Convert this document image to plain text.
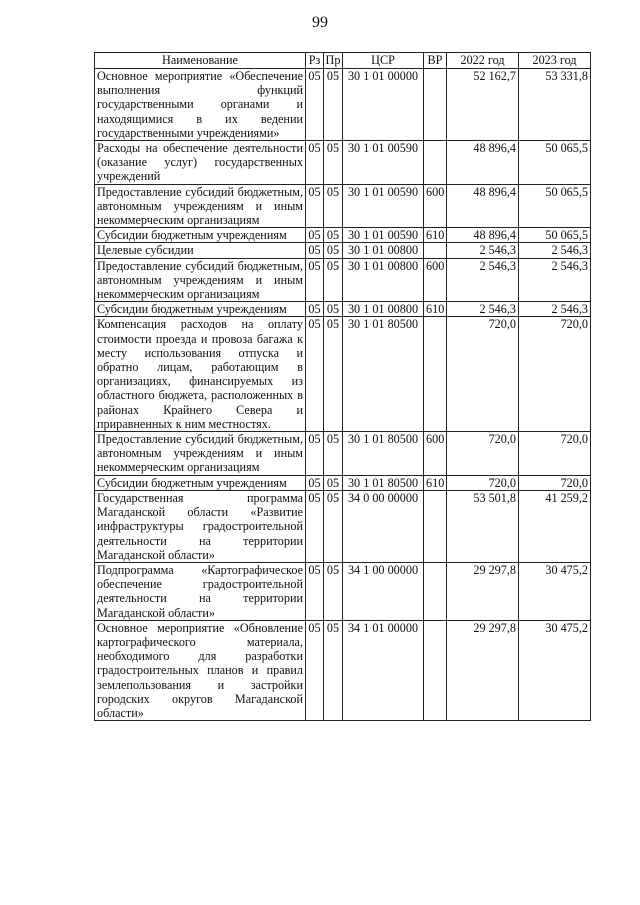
99
Наименование	Рз	Пр	ЦСР	ВР	2022 год	2023 год
Основное мероприятие «Обеспечение выполнения функций государственными органами и находящимися в их ведении государственными учреждениями»	05	05	30 1 01 00000		52 162,7	53 331,8
Расходы на обеспечение деятельности (оказание услуг) государственных учреждений	05	05	30 1 01 00590		48 896,4	50 065,5
Предоставление субсидий бюджетным, автономным учреждениям и иным некоммерческим организациям	05	05	30 1 01 00590	600	48 896,4	50 065,5
Субсидии бюджетным учреждениям	05	05	30 1 01 00590	610	48 896,4	50 065,5
Целевые субсидии	05	05	30 1 01 00800		2 546,3	2 546,3
Предоставление субсидий бюджетным, автономным учреждениям и иным некоммерческим организациям	05	05	30 1 01 00800	600	2 546,3	2 546,3
Субсидии бюджетным учреждениям	05	05	30 1 01 00800	610	2 546,3	2 546,3
Компенсация расходов на оплату стоимости проезда и провоза багажа к месту использования отпуска и обратно лицам, работающим в организациях, финансируемых из областного бюджета, расположенных в районах Крайнего Севера и приравненных к ним местностях.	05	05	30 1 01 80500		720,0	720,0
Предоставление субсидий бюджетным, автономным учреждениям и иным некоммерческим организациям	05	05	30 1 01 80500	600	720,0	720,0
Субсидии бюджетным учреждениям	05	05	30 1 01 80500	610	720,0	720,0
Государственная программа Магаданской области «Развитие инфраструктуры градостроительной деятельности на территории Магаданской области»	05	05	34 0 00 00000		53 501,8	41 259,2
Подпрограмма «Картографическое обеспечение градостроительной деятельности на территории Магаданской области»	05	05	34 1 00 00000		29 297,8	30 475,2
Основное мероприятие «Обновление картографического материала, необходимого для разработки градостроительных планов и правил землепользования и застройки городских округов Магаданской области»	05	05	34 1 01 00000		29 297,8	30 475,2
